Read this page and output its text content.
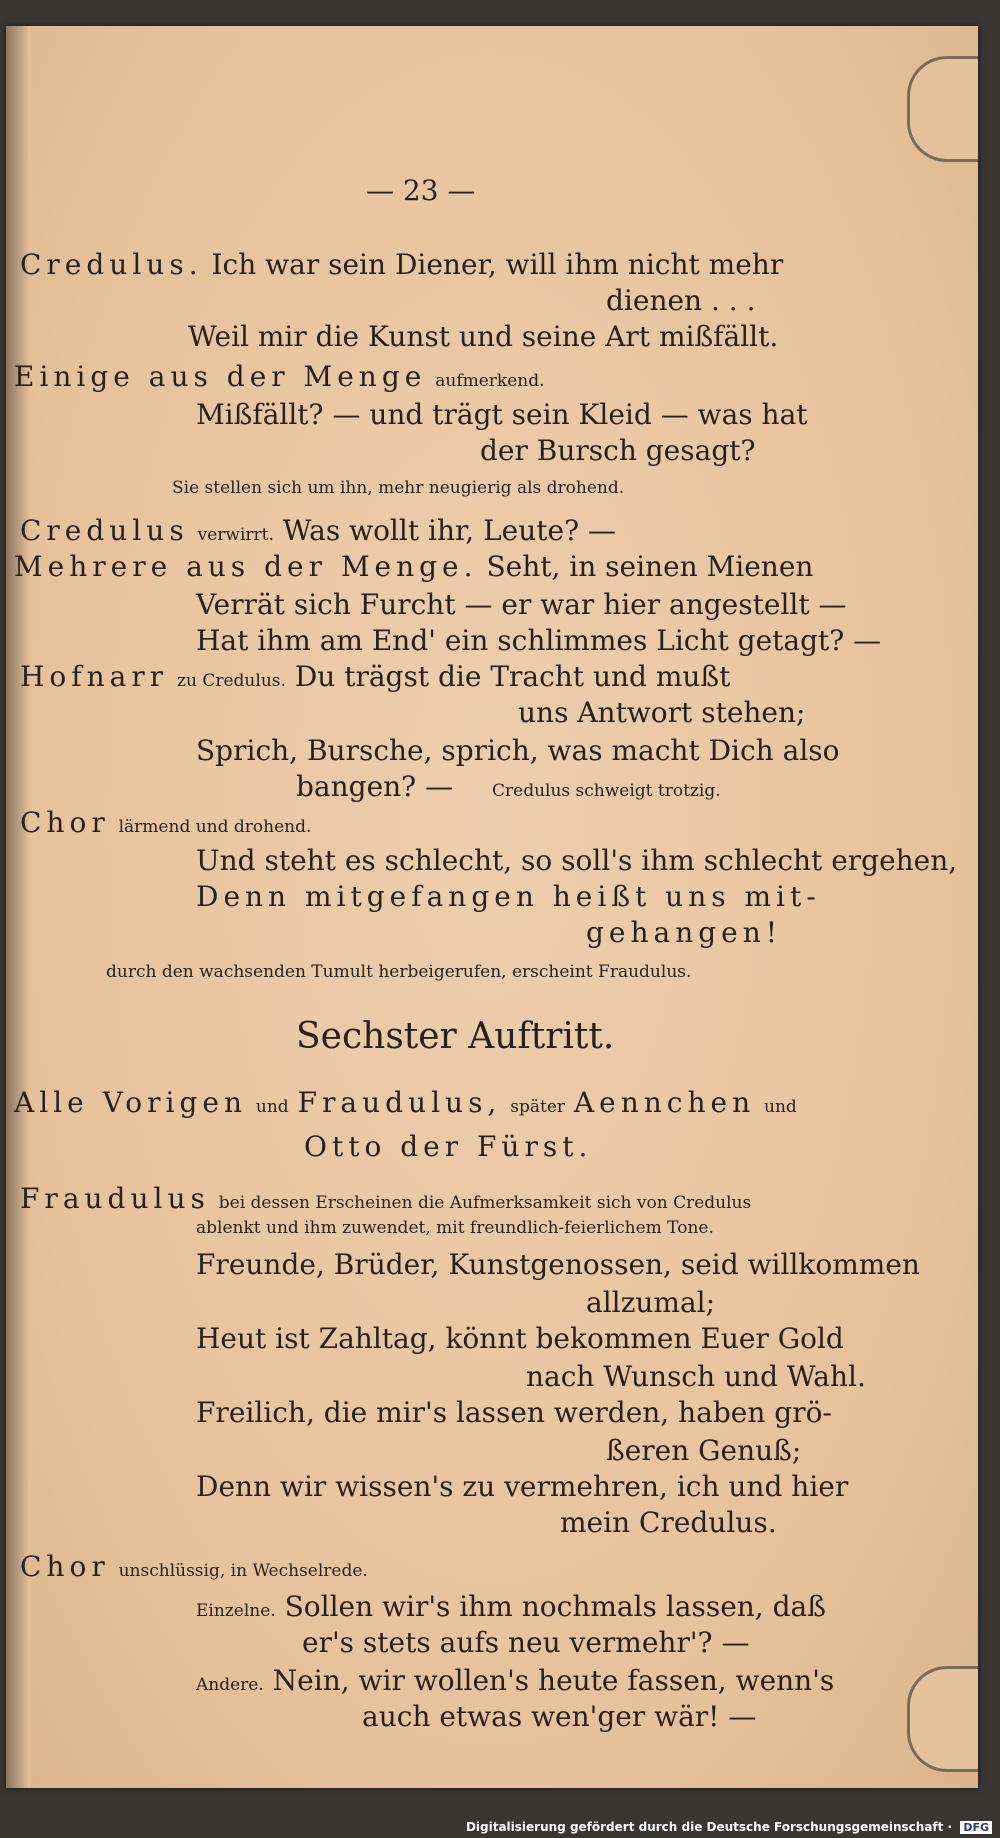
— 23 —
Credulus. Ich war sein Diener, will ihm nicht mehr
dienen . . .
Weil mir die Kunst und seine Art mißfällt.
Einige aus der Menge aufmerkend.
Mißfällt? — und trägt sein Kleid — was hat
der Bursch gesagt?
Sie stellen sich um ihn, mehr neugierig als drohend.
Credulus verwirrt. Was wollt ihr, Leute? —
Mehrere aus der Menge. Seht, in seinen Mienen
Verrät sich Furcht — er war hier angestellt —
Hat ihm am End' ein schlimmes Licht getagt? —
Hofnarr zu Credulus. Du trägst die Tracht und mußt
uns Antwort stehen;
Sprich, Bursche, sprich, was macht Dich also
bangen? — Credulus schweigt trotzig.
Chor lärmend und drohend.
Und steht es schlecht, so soll's ihm schlecht ergehen,
Denn mitgefangen heißt uns mit-
gehangen!
durch den wachsenden Tumult herbeigerufen, erscheint Fraudulus.
Sechster Auftritt.
Alle Vorigen und Fraudulus, später Aennchen und
Otto der Fürst.
Fraudulus bei dessen Erscheinen die Aufmerksamkeit sich von Credulus
ablenkt und ihm zuwendet, mit freundlich-feierlichem Tone.
Freunde, Brüder, Kunstgenossen, seid willkommen
allzumal;
Heut ist Zahltag, könnt bekommen Euer Gold
nach Wunsch und Wahl.
Freilich, die mir's lassen werden, haben grö-
ßeren Genuß;
Denn wir wissen's zu vermehren, ich und hier
mein Credulus.
Chor unschlüssig, in Wechselrede.
Einzelne. Sollen wir's ihm nochmals lassen, daß
er's stets aufs neu vermehr'? —
Andere. Nein, wir wollen's heute fassen, wenn's
auch etwas wen'ger wär! —
Digitalisierung gefördert durch die Deutsche Forschungsgemeinschaft · DFG
